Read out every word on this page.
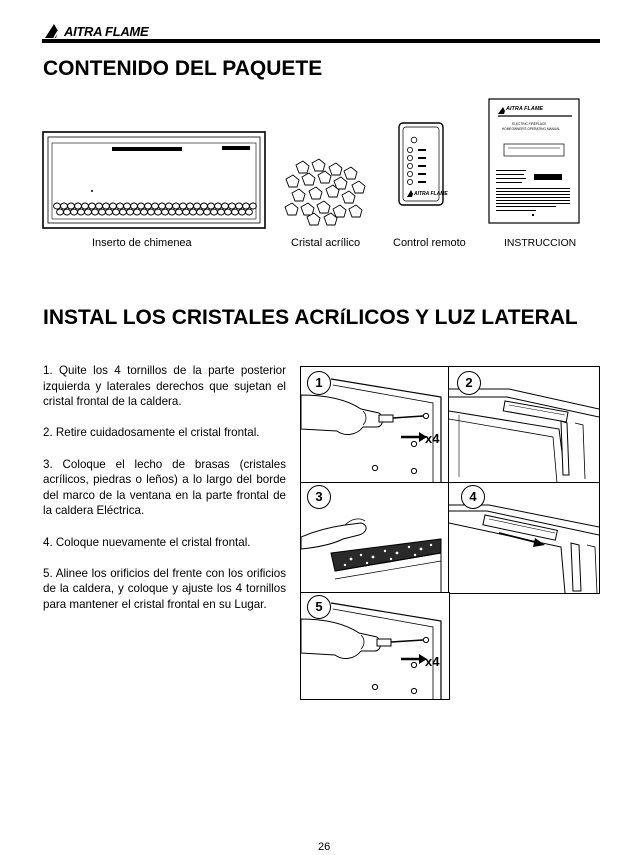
AITRA FLAME
CONTENIDO DEL PAQUETE
Inserto de chimenea	Cristal acrílico
AITRA FLAME
Control remoto
AITRA FLAME
ELECTRIC FIREPLACE
HOMEOWNER'S OPERATING MANUAL
INSTRUCCION
INSTAL LOS CRISTALES ACRíLICOS Y LUZ LATERAL

1. Quite los 4 tornillos de la parte posterior izquierda y laterales derechos que sujetan el cristal frontal de la caldera.

2. Retire cuidadosamente el cristal frontal.

3. Coloque el lecho de brasas (cristales acrílicos, piedras o leños) a lo largo del borde del marco de la ventana en la parte frontal de la caldera Eléctrica.

4. Coloque nuevamente el cristal frontal.

5. Alinee los orificios del frente con los orificios de la caldera, y coloque y ajuste los 4 tornillos para mantener el cristal frontal en su Lugar.

1
x4
2
3	4
5
x4
26
